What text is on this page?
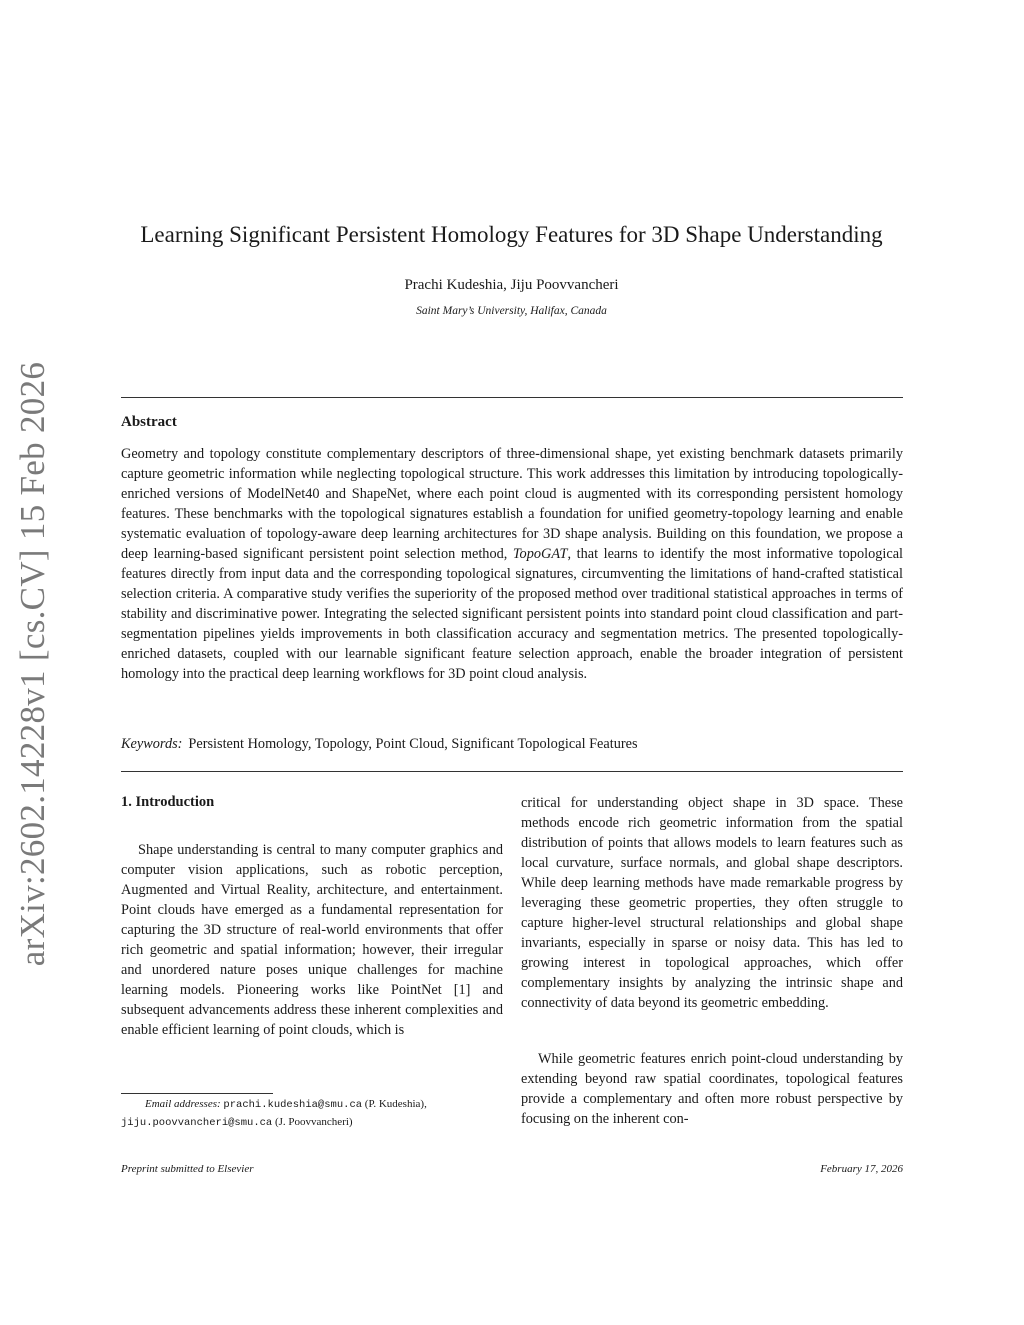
arXiv:2602.14228v1 [cs.CV] 15 Feb 2026
Learning Significant Persistent Homology Features for 3D Shape Understanding
Prachi Kudeshia, Jiju Poovvancheri
Saint Mary’s University, Halifax, Canada
Abstract

Geometry and topology constitute complementary descriptors of three-dimensional shape, yet existing benchmark datasets primarily capture geometric information while neglecting topological structure. This work addresses this limitation by introducing topologically-enriched versions of ModelNet40 and ShapeNet, where each point cloud is augmented with its corresponding persistent homology features. These benchmarks with the topological signatures establish a foundation for unified geometry-topology learning and enable systematic evaluation of topology-aware deep learning architectures for 3D shape analysis. Building on this foundation, we propose a deep learning-based significant persistent point selection method, TopoGAT, that learns to identify the most informative topological features directly from input data and the corresponding topological signatures, circumventing the limitations of hand-crafted statistical selection criteria. A comparative study verifies the superiority of the proposed method over traditional statistical approaches in terms of stability and discriminative power. Integrating the selected significant persistent points into standard point cloud classification and part-segmentation pipelines yields improvements in both classification accuracy and segmentation metrics. The presented topologically-enriched datasets, coupled with our learnable significant feature selection approach, enable the broader integration of persistent homology into the practical deep learning workflows for 3D point cloud analysis.

Keywords: Persistent Homology, Topology, Point Cloud, Significant Topological Features
1. Introduction

Shape understanding is central to many computer graphics and computer vision applications, such as robotic perception, Augmented and Virtual Reality, architecture, and entertainment. Point clouds have emerged as a fundamental representation for capturing the 3D structure of real-world environments that offer rich geometric and spatial information; however, their irregular and unordered nature poses unique challenges for machine learning models. Pioneering works like PointNet [1] and subsequent advancements address these inherent complexities and enable efficient learning of point clouds, which is

critical for understanding object shape in 3D space. These methods encode rich geometric information from the spatial distribution of points that allows models to learn features such as local curvature, surface normals, and global shape descriptors. While deep learning methods have made remarkable progress by leveraging these geometric properties, they often struggle to capture higher-level structural relationships and global shape invariants, especially in sparse or noisy data. This has led to growing interest in topological approaches, which offer complementary insights by analyzing the intrinsic shape and connectivity of data beyond its geometric embedding.

While geometric features enrich point-cloud understanding by extending beyond raw spatial coordinates, topological features provide a complementary and often more robust perspective by focusing on the inherent con-

Email addresses: prachi.kudeshia@smu.ca (P. Kudeshia),
jiju.poovvancheri@smu.ca (J. Poovvancheri)
Preprint submitted to Elsevier	February 17, 2026
